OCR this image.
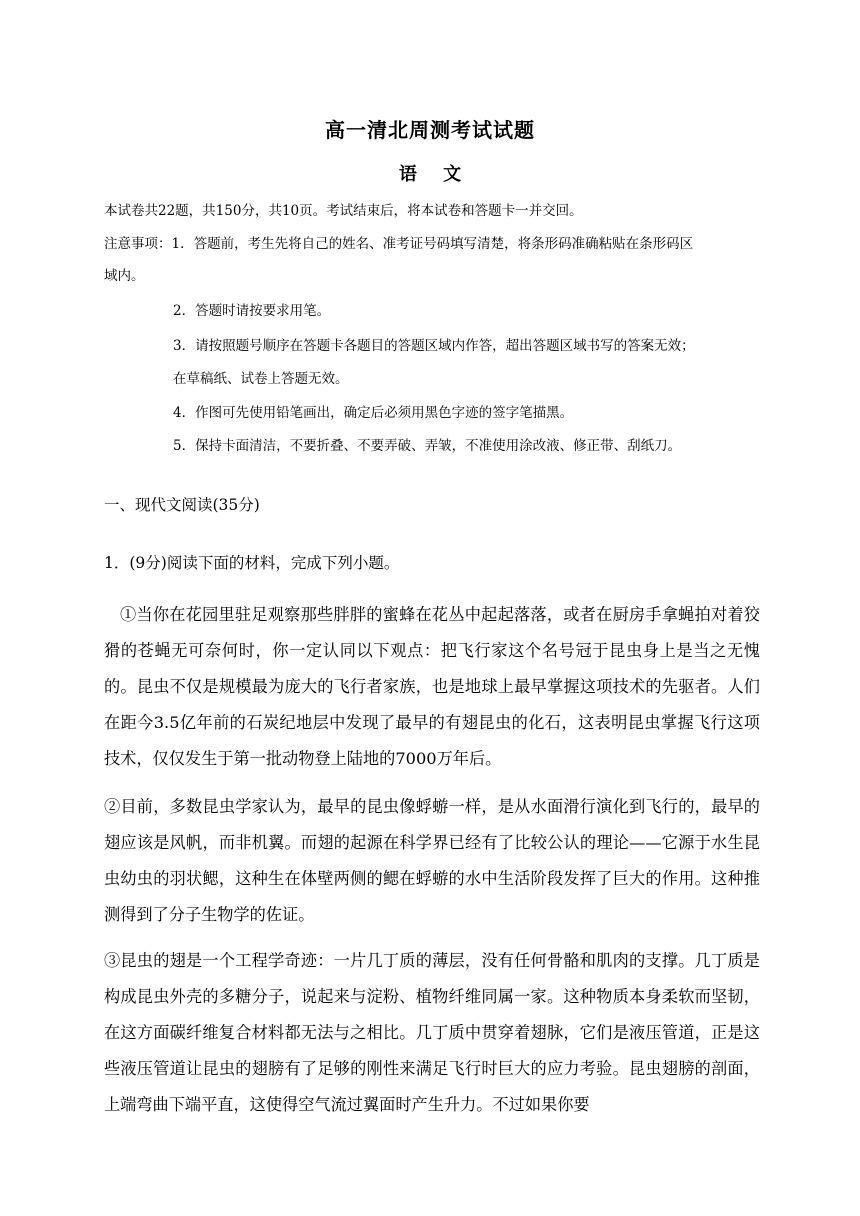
高一清北周测考试试题
语 文
本试卷共22题，共150分，共10页。考试结束后，将本试卷和答题卡一并交回。
注意事项：1．答题前，考生先将自己的姓名、准考证号码填写清楚，将条形码准确粘贴在条形码区
域内。
2．答题时请按要求用笔。
3．请按照题号顺序在答题卡各题目的答题区域内作答，超出答题区域书写的答案无效；
在草稿纸、试卷上答题无效。
4．作图可先使用铅笔画出，确定后必须用黑色字迹的签字笔描黑。
5．保持卡面清洁，不要折叠、不要弄破、弄皱，不准使用涂改液、修正带、刮纸刀。
一、现代文阅读(35分)
1．(9分)阅读下面的材料，完成下列小题。
①当你在花园里驻足观察那些胖胖的蜜蜂在花丛中起起落落，或者在厨房手拿蝇拍对着狡猾的苍蝇无可奈何时，你一定认同以下观点：把飞行家这个名号冠于昆虫身上是当之无愧的。昆虫不仅是规模最为庞大的飞行者家族，也是地球上最早掌握这项技术的先驱者。人们在距今3.5亿年前的石炭纪地层中发现了最早的有翅昆虫的化石，这表明昆虫掌握飞行这项技术，仅仅发生于第一批动物登上陆地的7000万年后。
②目前，多数昆虫学家认为，最早的昆虫像蜉蝣一样，是从水面滑行演化到飞行的，最早的翅应该是风帆，而非机翼。而翅的起源在科学界已经有了比较公认的理论——它源于水生昆虫幼虫的羽状鳃，这种生在体壁两侧的鳃在蜉蝣的水中生活阶段发挥了巨大的作用。这种推测得到了分子生物学的佐证。
③昆虫的翅是一个工程学奇迹：一片几丁质的薄层，没有任何骨骼和肌肉的支撑。几丁质是构成昆虫外壳的多糖分子，说起来与淀粉、植物纤维同属一家。这种物质本身柔软而坚韧，在这方面碳纤维复合材料都无法与之相比。几丁质中贯穿着翅脉，它们是液压管道，正是这些液压管道让昆虫的翅膀有了足够的刚性来满足飞行时巨大的应力考验。昆虫翅膀的剖面，上端弯曲下端平直，这使得空气流过翼面时产生升力。不过如果你要
